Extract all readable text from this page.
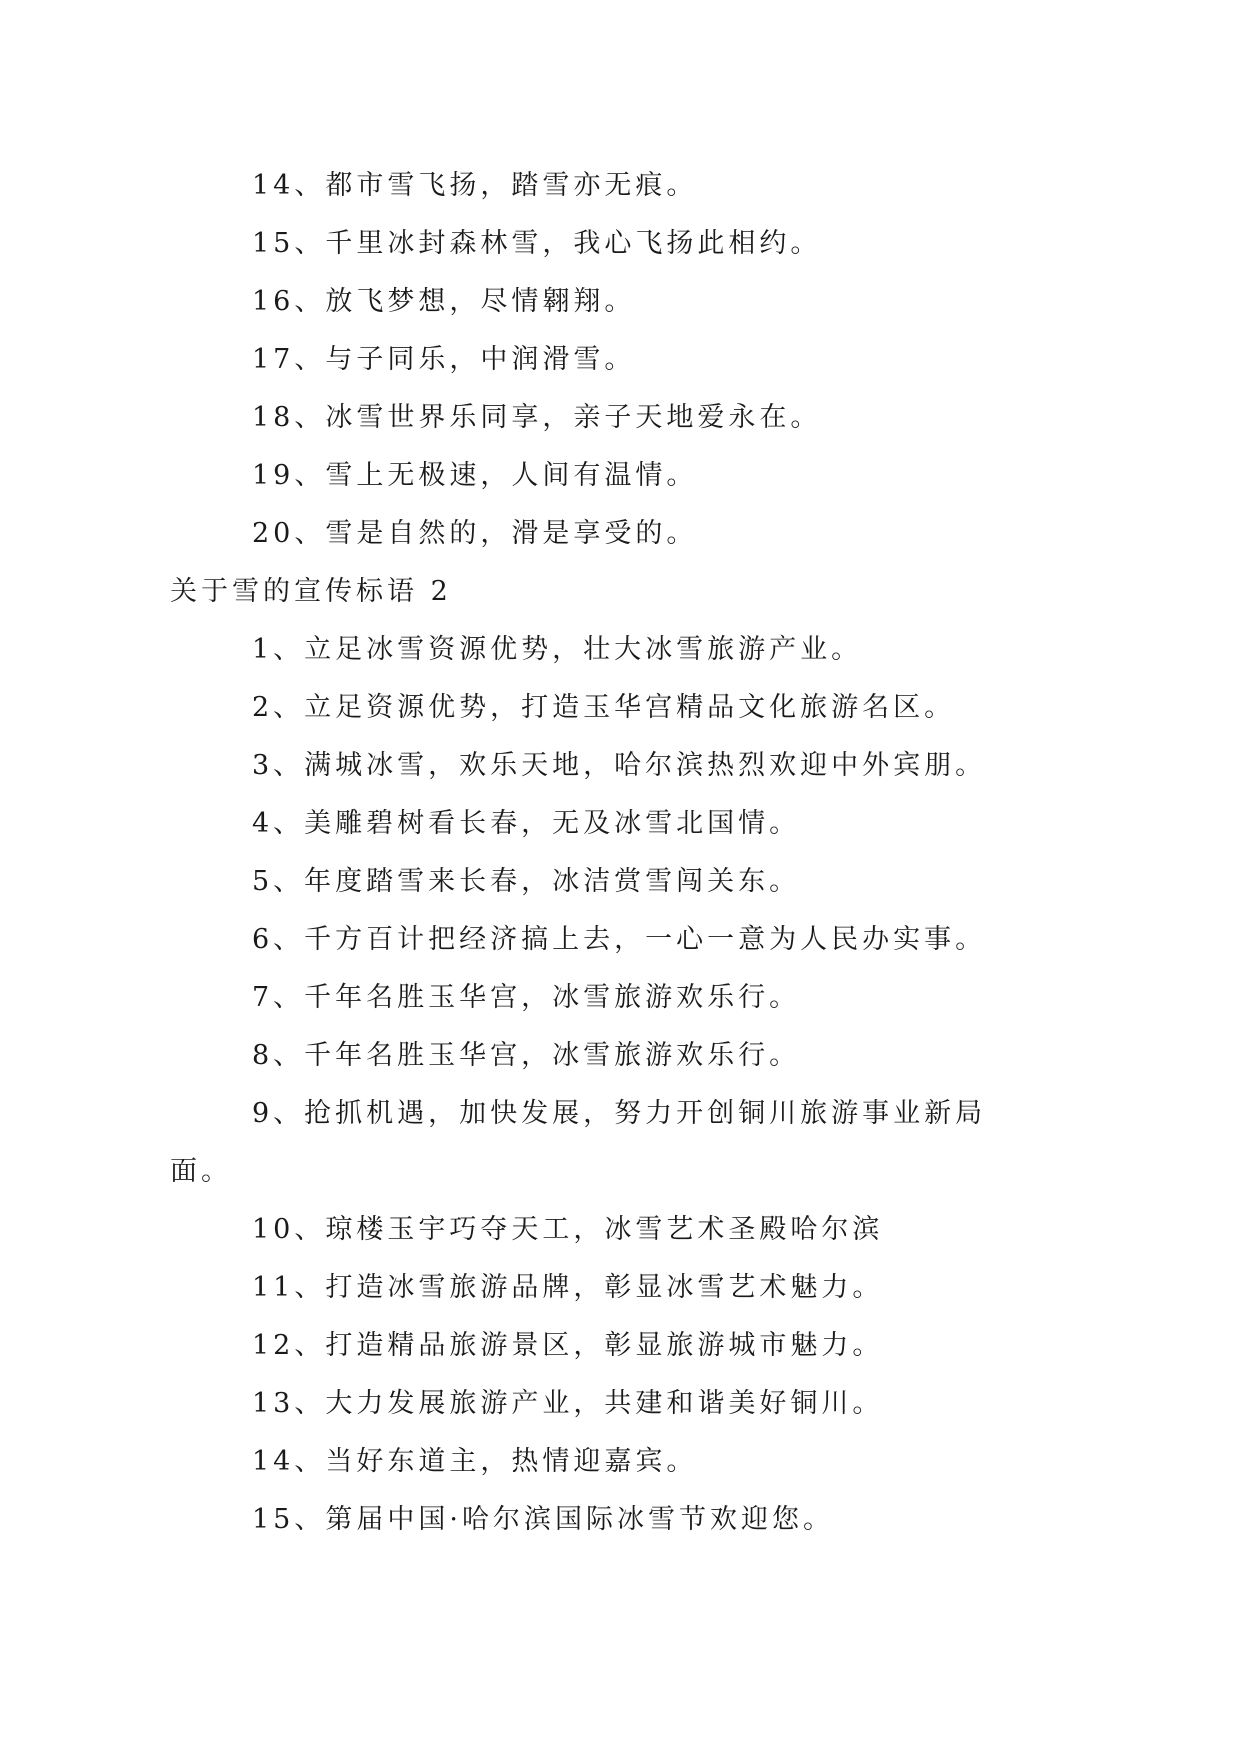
14、都市雪飞扬，踏雪亦无痕。
15、千里冰封森林雪，我心飞扬此相约。
16、放飞梦想，尽情翱翔。
17、与子同乐，中润滑雪。
18、冰雪世界乐同享，亲子天地爱永在。
19、雪上无极速，人间有温情。
20、雪是自然的，滑是享受的。
关于雪的宣传标语 2
1、立足冰雪资源优势，壮大冰雪旅游产业。
2、立足资源优势，打造玉华宫精品文化旅游名区。
3、满城冰雪，欢乐天地，哈尔滨热烈欢迎中外宾朋。
4、美雕碧树看长春，无及冰雪北国情。
5、年度踏雪来长春，冰洁赏雪闯关东。
6、千方百计把经济搞上去，一心一意为人民办实事。
7、千年名胜玉华宫，冰雪旅游欢乐行。
8、千年名胜玉华宫，冰雪旅游欢乐行。
9、抢抓机遇，加快发展，努力开创铜川旅游事业新局
面。
10、琼楼玉宇巧夺天工，冰雪艺术圣殿哈尔滨
11、打造冰雪旅游品牌，彰显冰雪艺术魅力。
12、打造精品旅游景区，彰显旅游城市魅力。
13、大力发展旅游产业，共建和谐美好铜川。
14、当好东道主，热情迎嘉宾。
15、第届中国·哈尔滨国际冰雪节欢迎您。
